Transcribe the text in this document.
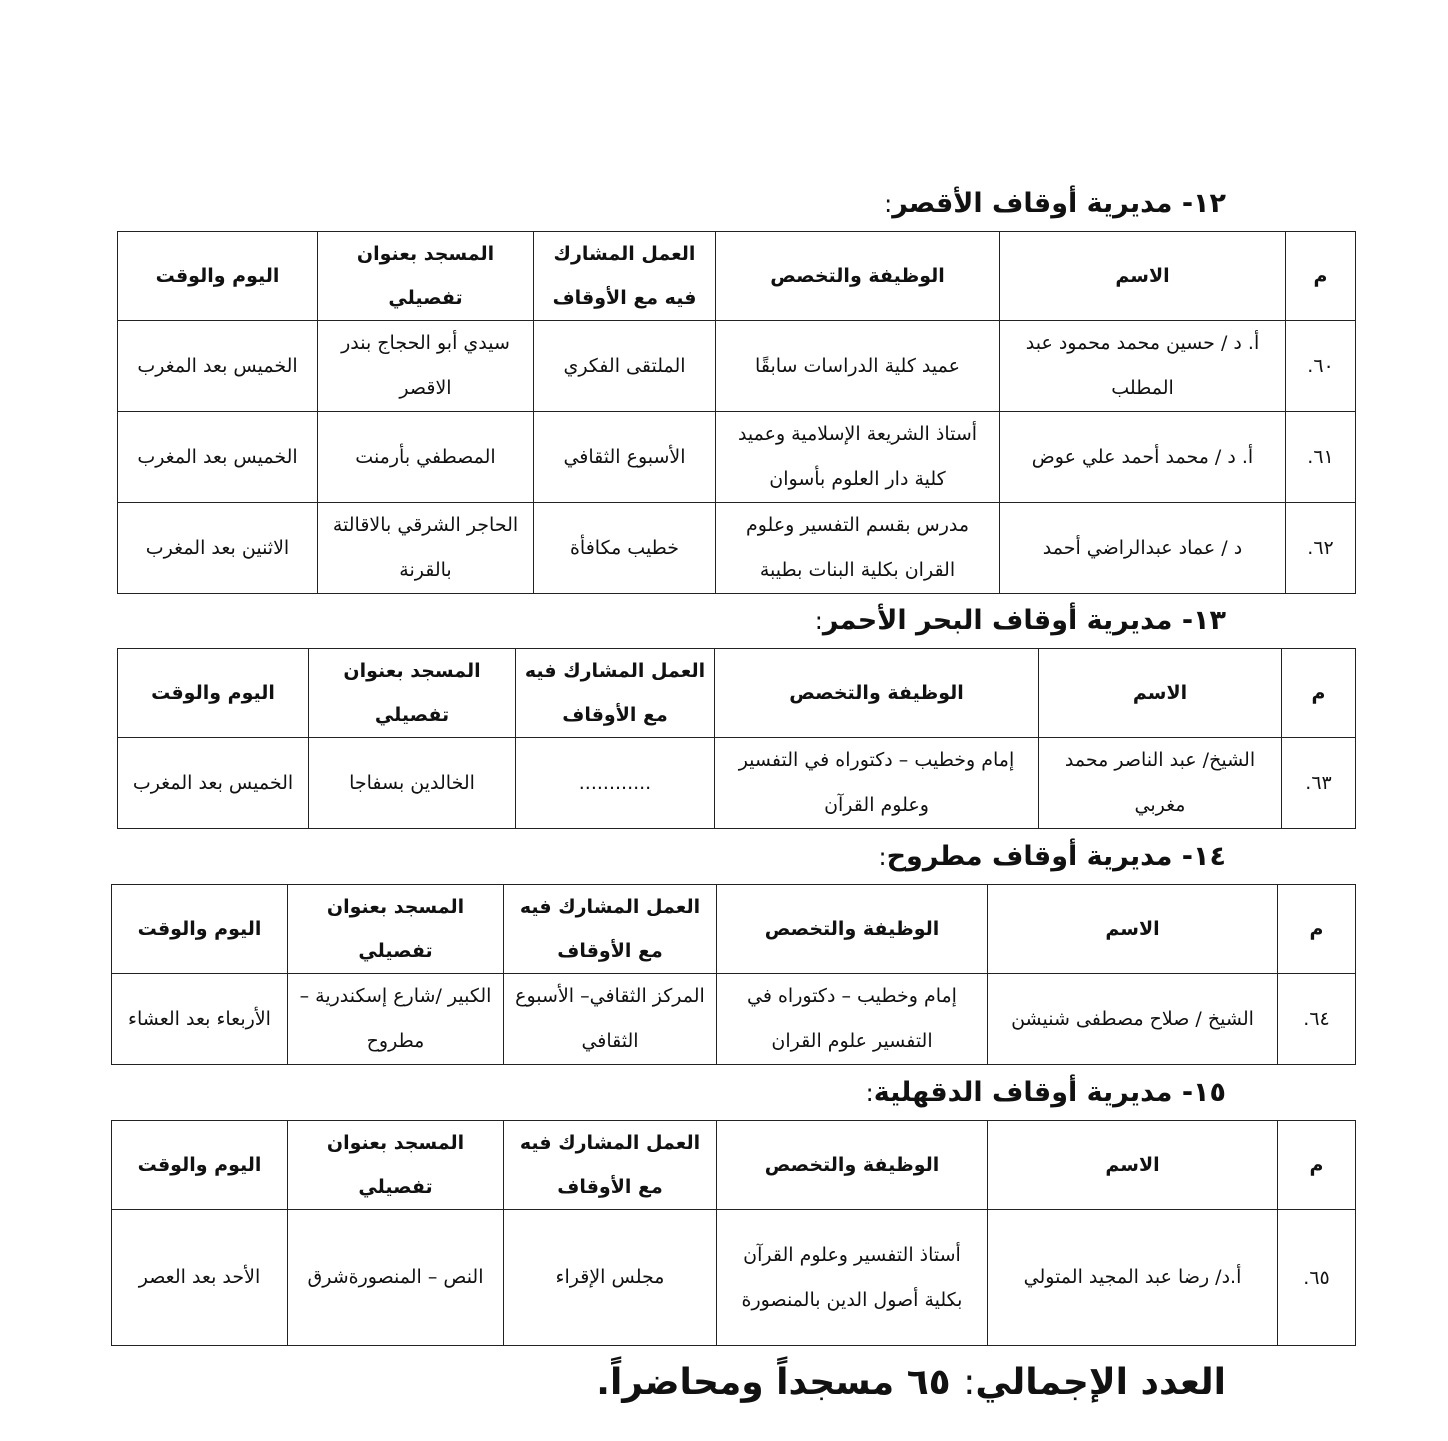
١٢- مديرية أوقاف الأقصر:
م	الاسم	الوظيفة والتخصص	العمل المشارك فيه مع الأوقاف	المسجد بعنوان تفصيلي	اليوم والوقت
٦٠.	أ. د / حسين محمد محمود عبد المطلب	عميد كلية الدراسات سابقًا	الملتقى الفكري	سيدي أبو الحجاج بندر الاقصر	الخميس بعد المغرب
٦١.	أ. د / محمد أحمد علي عوض	أستاذ الشريعة الإسلامية وعميد كلية دار العلوم بأسوان	الأسبوع الثقافي	المصطفي بأرمنت	الخميس بعد المغرب
٦٢.	د / عماد عبدالراضي أحمد	مدرس بقسم التفسير وعلوم القران بكلية البنات بطيبة	خطيب مكافأة	الحاجر الشرقي بالاقالتة بالقرنة	الاثنين بعد المغرب
١٣- مديرية أوقاف البحر الأحمر:
م	الاسم	الوظيفة والتخصص	العمل المشارك فيه مع الأوقاف	المسجد بعنوان تفصيلي	اليوم والوقت
٦٣.	الشيخ/ عبد الناصر محمد مغربي	إمام وخطيب – دكتوراه في التفسير وعلوم القرآن	............	الخالدين بسفاجا	الخميس بعد المغرب
١٤- مديرية أوقاف مطروح:
م	الاسم	الوظيفة والتخصص	العمل المشارك فيه مع الأوقاف	المسجد بعنوان تفصيلي	اليوم والوقت
٦٤.	الشيخ / صلاح مصطفى شنيشن	إمام وخطيب – دكتوراه في التفسير علوم القران	المركز الثقافي– الأسبوع الثقافي	الكبير /شارع إسكندرية –مطروح	الأربعاء بعد العشاء
١٥- مديرية أوقاف الدقهلية:
م	الاسم	الوظيفة والتخصص	العمل المشارك فيه مع الأوقاف	المسجد بعنوان تفصيلي	اليوم والوقت
٦٥.	أ.د/ رضا عبد المجيد المتولي	أستاذ التفسير وعلوم القرآن بكلية أصول الدين بالمنصورة	مجلس الإقراء	النص – المنصورةشرق	الأحد بعد العصر
العدد الإجمالي: ٦٥ مسجداً ومحاضراً.
